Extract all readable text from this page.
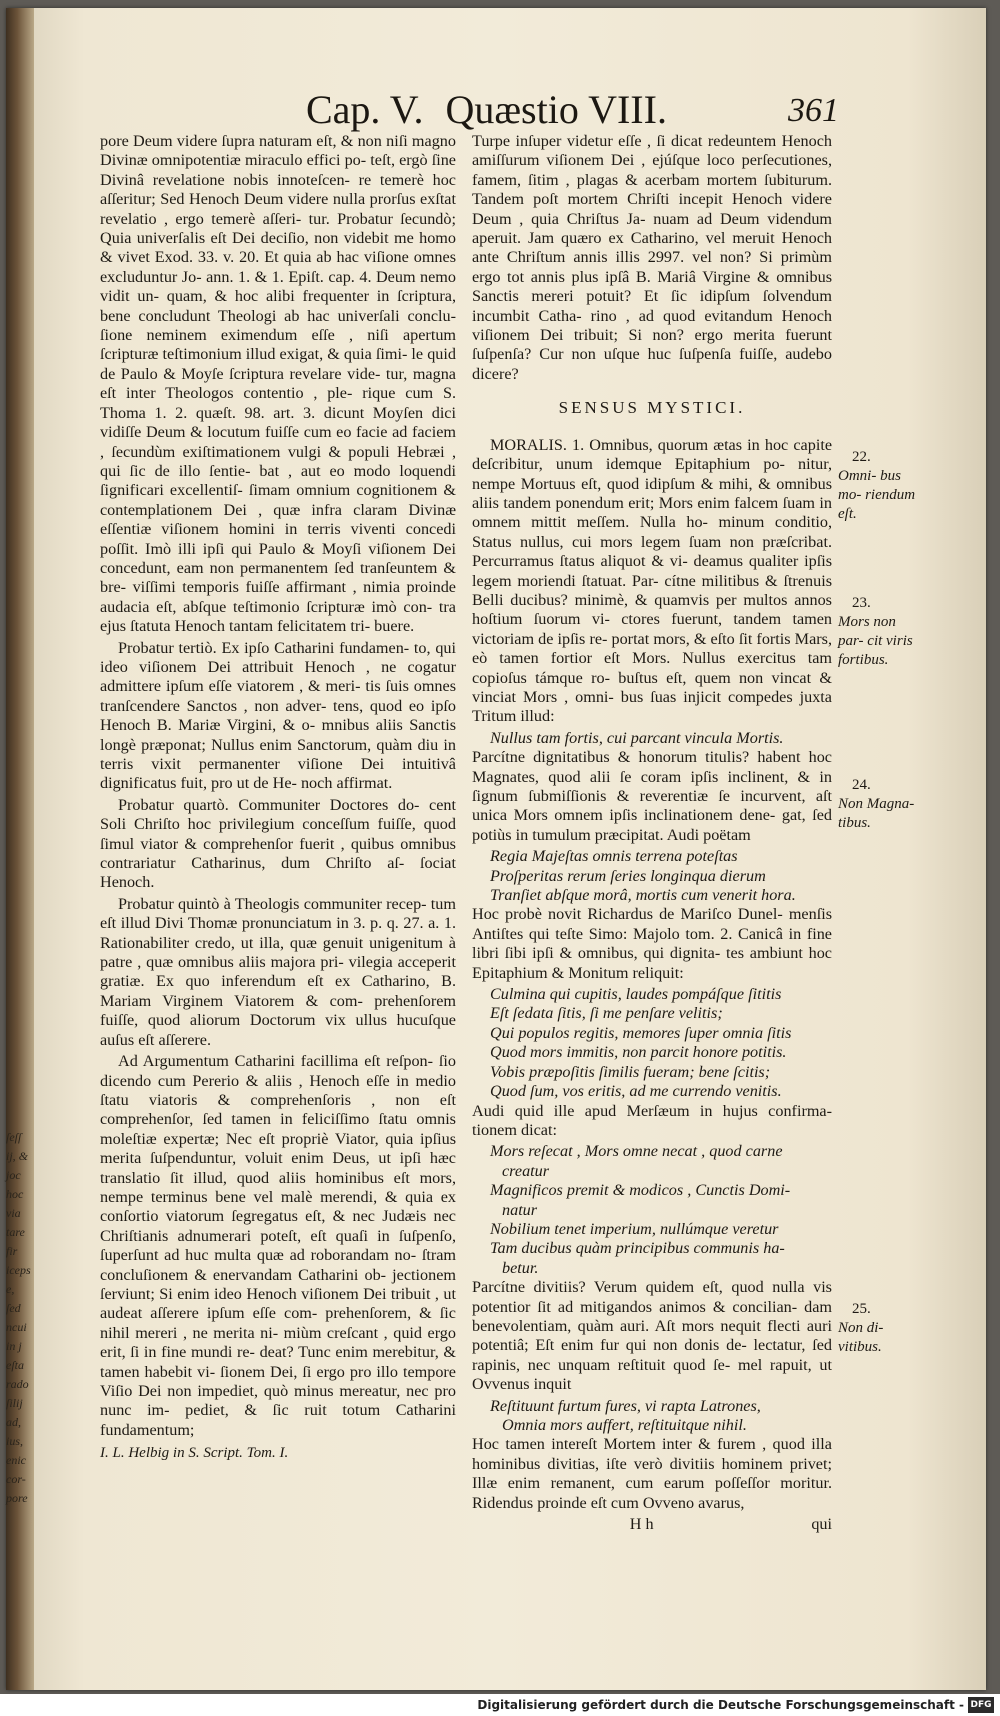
ſeſſ
ij, &
joc
hoc
via
tare
fir
iceps
e,
ſed
ncui
in j
eſta
rado
ſilij
ad,
ius,
enic
cor-
pore
Cap. V. Quæstio VIII.	361

pore Deum videre ſupra naturam eſt, & non niſi magno Divinæ omnipotentiæ miraculo effici po- teſt, ergò ſine Divinâ revelatione nobis innoteſcen- re temerè hoc aſſeritur; Sed Henoch Deum videre nulla prorſus exſtat revelatio , ergo temerè aſſeri- tur. Probatur ſecundò; Quia univerſalis eſt Dei deciſio, non videbit me homo & vivet Exod. 33. v. 20. Et quia ab hac viſione omnes excluduntur Jo- ann. 1. & 1. Epiſt. cap. 4. Deum nemo vidit un- quam, & hoc alibi frequenter in ſcriptura, bene concludunt Theologi ab hac univerſali conclu- ſione neminem eximendum eſſe , niſi apertum ſcripturæ teſtimonium illud exigat, & quia ſimi- le quid de Paulo & Moyſe ſcriptura revelare vide- tur, magna eſt inter Theologos contentio , ple- rique cum S. Thoma 1. 2. quæſt. 98. art. 3. dicunt Moyſen dici vidiſſe Deum & locutum fuiſſe cum eo facie ad faciem , ſecundùm exiſtimationem vulgi & populi Hebræi , qui ſic de illo ſentie- bat , aut eo modo loquendi ſignificari excellentiſ- ſimam omnium cognitionem & contemplationem Dei , quæ infra claram Divinæ eſſentiæ viſionem homini in terris viventi concedi poſſit. Imò illi ipſi qui Paulo & Moyſi viſionem Dei concedunt, eam non permanentem ſed tranſeuntem & bre- viſſimi temporis fuiſſe affirmant , nimia proinde audacia eſt, abſque teſtimonio ſcripturæ imò con- tra ejus ſtatuta Henoch tantam felicitatem tri- buere.

Probatur tertiò. Ex ipſo Catharini fundamen- to, qui ideo viſionem Dei attribuit Henoch , ne cogatur admittere ipſum eſſe viatorem , & meri- tis ſuis omnes tranſcendere Sanctos , non adver- tens, quod eo ipſo Henoch B. Mariæ Virgini, & o- mnibus aliis Sanctis longè præponat; Nullus enim Sanctorum, quàm diu in terris vixit permanenter viſione Dei intuitivâ dignificatus fuit, pro ut de He- noch affirmat.

Probatur quartò. Communiter Doctores do- cent Soli Chriſto hoc privilegium conceſſum fuiſſe, quod ſimul viator & comprehenſor fuerit , quibus omnibus contrariatur Catharinus, dum Chriſto aſ- ſociat Henoch.

Probatur quintò à Theologis communiter recep- tum eſt illud Divi Thomæ pronunciatum in 3. p. q. 27. a. 1. Rationabiliter credo, ut illa, quæ genuit unigenitum à patre , quæ omnibus aliis majora pri- vilegia acceperit gratiæ. Ex quo inferendum eſt ex Catharino, B. Mariam Virginem Viatorem & com- prehenſorem fuiſſe, quod aliorum Doctorum vix ullus hucuſque auſus eſt aſſerere.

Ad Argumentum Catharini facillima eſt reſpon- ſio dicendo cum Pererio & aliis , Henoch eſſe in medio ſtatu viatoris & comprehenſoris , non eſt comprehenſor, ſed tamen in feliciſſimo ſtatu omnis moleſtiæ expertæ; Nec eſt propriè Viator, quia ipſius merita ſuſpenduntur, voluit enim Deus, ut ipſi hæc translatio ſit illud, quod aliis hominibus eſt mors, nempe terminus bene vel malè merendi, & quia ex conſortio viatorum ſegregatus eſt, & nec Judæis nec Chriſtianis adnumerari poteſt, eſt quaſi in ſuſpenſo, ſuperſunt ad huc multa quæ ad roborandam no- ſtram concluſionem & enervandam Catharini ob- jectionem ſerviunt; Si enim ideo Henoch viſionem Dei tribuit , ut audeat aſſerere ipſum eſſe com- prehenſorem, & ſic nihil mereri , ne merita ni- miùm creſcant , quid ergo erit, ſi in fine mundi re- deat? Tunc enim merebitur, & tamen habebit vi- ſionem Dei, ſi ergo pro illo tempore Viſio Dei non impediet, quò minus mereatur, nec pro nunc im- pediet, & ſic ruit totum Catharini fundamentum;

I. L. Helbig in S. Script. Tom. I.

Turpe inſuper videtur eſſe , ſi dicat redeuntem Henoch amiſſurum viſionem Dei , ejúſque loco perſecutiones, famem, ſitim , plagas & acerbam mortem ſubiturum. Tandem poſt mortem Chriſti incepit Henoch videre Deum , quia Chriſtus Ja- nuam ad Deum videndum aperuit. Jam quæro ex Catharino, vel meruit Henoch ante Chriſtum annis illis 2997. vel non? Si primùm ergo tot annis plus ipſâ B. Mariâ Virgine & omnibus Sanctis mereri potuit? Et ſic idipſum ſolvendum incumbit Catha- rino , ad quod evitandum Henoch viſionem Dei tribuit; Si non? ergo merita fuerunt ſuſpenſa? Cur non uſque huc ſuſpenſa fuiſſe, audebo dicere?

SENSUS MYSTICI.

MORALIS. 1. Omnibus, quorum ætas in hoc capite deſcribitur, unum idemque Epitaphium po- nitur, nempe Mortuus eſt, quod idipſum & mihi, & omnibus aliis tandem ponendum erit; Mors enim falcem ſuam in omnem mittit meſſem. Nulla ho- minum conditio, Status nullus, cui mors legem ſuam non præſcribat. Percurramus ſtatus aliquot & vi- deamus qualiter ipſis legem moriendi ſtatuat. Par- cítne militibus & ſtrenuis Belli ducibus? minimè, & quamvis per multos annos hoſtium ſuorum vi- ctores fuerunt, tandem tamen victoriam de ipſis re- portat mors, & eſto ſit fortis Mars, eò tamen fortior eſt Mors. Nullus exercitus tam copioſus támque ro- buſtus eſt, quem non vincat & vinciat Mors , omni- bus ſuas injicit compedes juxta Tritum illud:

Nullus tam fortis, cui parcant vincula Mortis.

Parcítne dignitatibus & honorum titulis? habent hoc Magnates, quod alii ſe coram ipſis inclinent, & in ſignum ſubmiſſionis & reverentiæ ſe incurvent, aſt unica Mors omnem ipſis inclinationem dene- gat, ſed potiùs in tumulum præcipitat. Audi poëtam

Regia Majeſtas omnis terrena poteſtas

Proſperitas rerum ſeries longinqua dierum

Tranſiet abſque morâ, mortis cum venerit hora.

Hoc probè novit Richardus de Mariſco Dunel- menſis Antiſtes qui teſte Simo: Majolo tom. 2. Canicâ in fine libri ſibi ipſi & omnibus, qui dignita- tes ambiunt hoc Epitaphium & Monitum reliquit:

Culmina qui cupitis, laudes pompáſque ſititis

Eſt ſedata ſitis, ſi me penſare velitis;

Qui populos regitis, memores ſuper omnia ſitis

Quod mors immitis, non parcit honore potitis.

Vobis præpoſitis ſimilis fueram; bene ſcitis;

Quod ſum, vos eritis, ad me currendo venitis.

Audi quid ille apud Merſæum in hujus confirma- tionem dicat:

Mors reſecat , Mors omne necat , quod carne

creatur

Magnificos premit & modicos , Cunctis Domi-

natur

Nobilium tenet imperium, nullúmque veretur

Tam ducibus quàm principibus communis ha-

betur.

Parcítne divitiis? Verum quidem eſt, quod nulla vis potentior ſit ad mitigandos animos & concilian- dam benevolentiam, quàm auri. Aſt mors nequit flecti auri potentiâ; Eſt enim fur qui non donis de- lectatur, ſed rapinis, nec unquam reſtituit quod ſe- mel rapuit, ut Ovvenus inquit

Reſtituunt furtum fures, vi rapta Latrones,

Omnia mors auffert, reſtituitque nihil.

Hoc tamen intereſt Mortem inter & furem , quod illa hominibus divitias, iſte verò divitiis hominem privet; Illæ enim remanent, cum earum poſſeſſor moritur. Ridendus proinde eſt cum Ovveno avarus,

H h	qui
22.
Omni- bus mo- riendum eſt.
23.
Mors non par- cit viris fortibus.
24.
Non Magna- tibus.
25.
Non di- vitibus.
Digitalisierung gefördert durch die Deutsche Forschungsgemeinschaft - DFG
